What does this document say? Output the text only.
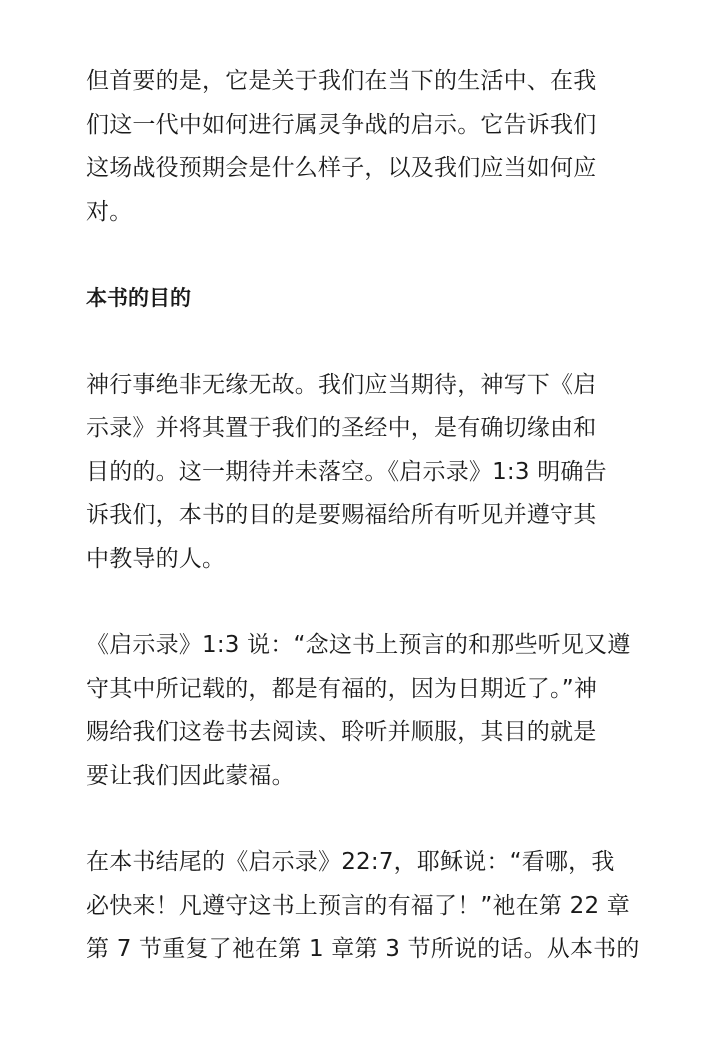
但首要的是，它是关于我们在当下的生活中、在我
们这一代中如何进行属灵争战的启示。它告诉我们
这场战役预期会是什么样子，以及我们应当如何应
对。

本书的目的

神行事绝非无缘无故。我们应当期待，神写下《启
示录》并将其置于我们的圣经中，是有确切缘由和
目的的。这一期待并未落空。《启示录》1:3 明确告
诉我们，本书的目的是要赐福给所有听见并遵守其
中教导的人。

《启示录》1:3 说：“念这书上预言的和那些听见又遵
守其中所记载的，都是有福的，因为日期近了。”神
赐给我们这卷书去阅读、聆听并顺服，其目的就是
要让我们因此蒙福。

在本书结尾的《启示录》22:7，耶稣说：“看哪，我
必快来！凡遵守这书上预言的有福了！”祂在第 22 章
第 7 节重复了祂在第 1 章第 3 节所说的话。从本书的
